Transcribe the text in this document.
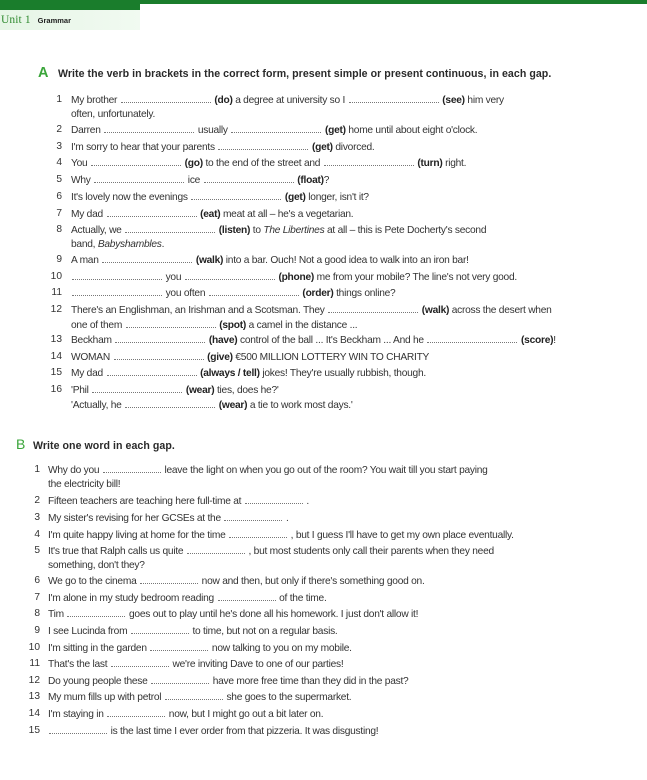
Unit 1 Grammar
A Write the verb in brackets in the correct form, present simple or present continuous, in each gap.
1 My brother	(do) a degree at university so I	(see) him very
often, unfortunately.
2 Darren	usually	(get) home until about eight o'clock.
3 I'm sorry to hear that your parents	(get) divorced.
4 You	(go) to the end of the street and	(turn) right.
5 Why	ice	(float)?
6 It's lovely now the evenings	(get) longer, isn't it?
7 My dad	(eat) meat at all – he's a vegetarian.
8 Actually, we	(listen) to The Libertines at all – this is Pete Docherty's second
band, Babyshambles.
9 A man	(walk) into a bar. Ouch! Not a good idea to walk into an iron bar!
10	you	(phone) me from your mobile? The line's not very good.
11	you often	(order) things online?
12 There's an Englishman, an Irishman and a Scotsman. They	(walk) across the desert when
one of them	(spot) a camel in the distance ...
13 Beckham	(have) control of the ball ... It's Beckham ... And he	(score)!
14 WOMAN	(give) €500 MILLION LOTTERY WIN TO CHARITY
15 My dad	(always / tell) jokes! They're usually rubbish, though.
16 'Phil	(wear) ties, does he?'
'Actually, he	(wear) a tie to work most days.'
B Write one word in each gap.
1 Why do you	leave the light on when you go out of the room? You wait till you start paying
the electricity bill!
2 Fifteen teachers are teaching here full-time at	.
3 My sister's revising for her GCSEs at the	.
4 I'm quite happy living at home for the time	, but I guess I'll have to get my own place eventually.
5 It's true that Ralph calls us quite	, but most students only call their parents when they need
something, don't they?
6 We go to the cinema	now and then, but only if there's something good on.
7 I'm alone in my study bedroom reading	of the time.
8 Tim	goes out to play until he's done all his homework. I just don't allow it!
9 I see Lucinda from	to time, but not on a regular basis.
10 I'm sitting in the garden	now talking to you on my mobile.
11 That's the last	we're inviting Dave to one of our parties!
12 Do young people these	have more free time than they did in the past?
13 My mum fills up with petrol	she goes to the supermarket.
14 I'm staying in	now, but I might go out a bit later on.
15	is the last time I ever order from that pizzeria. It was disgusting!
